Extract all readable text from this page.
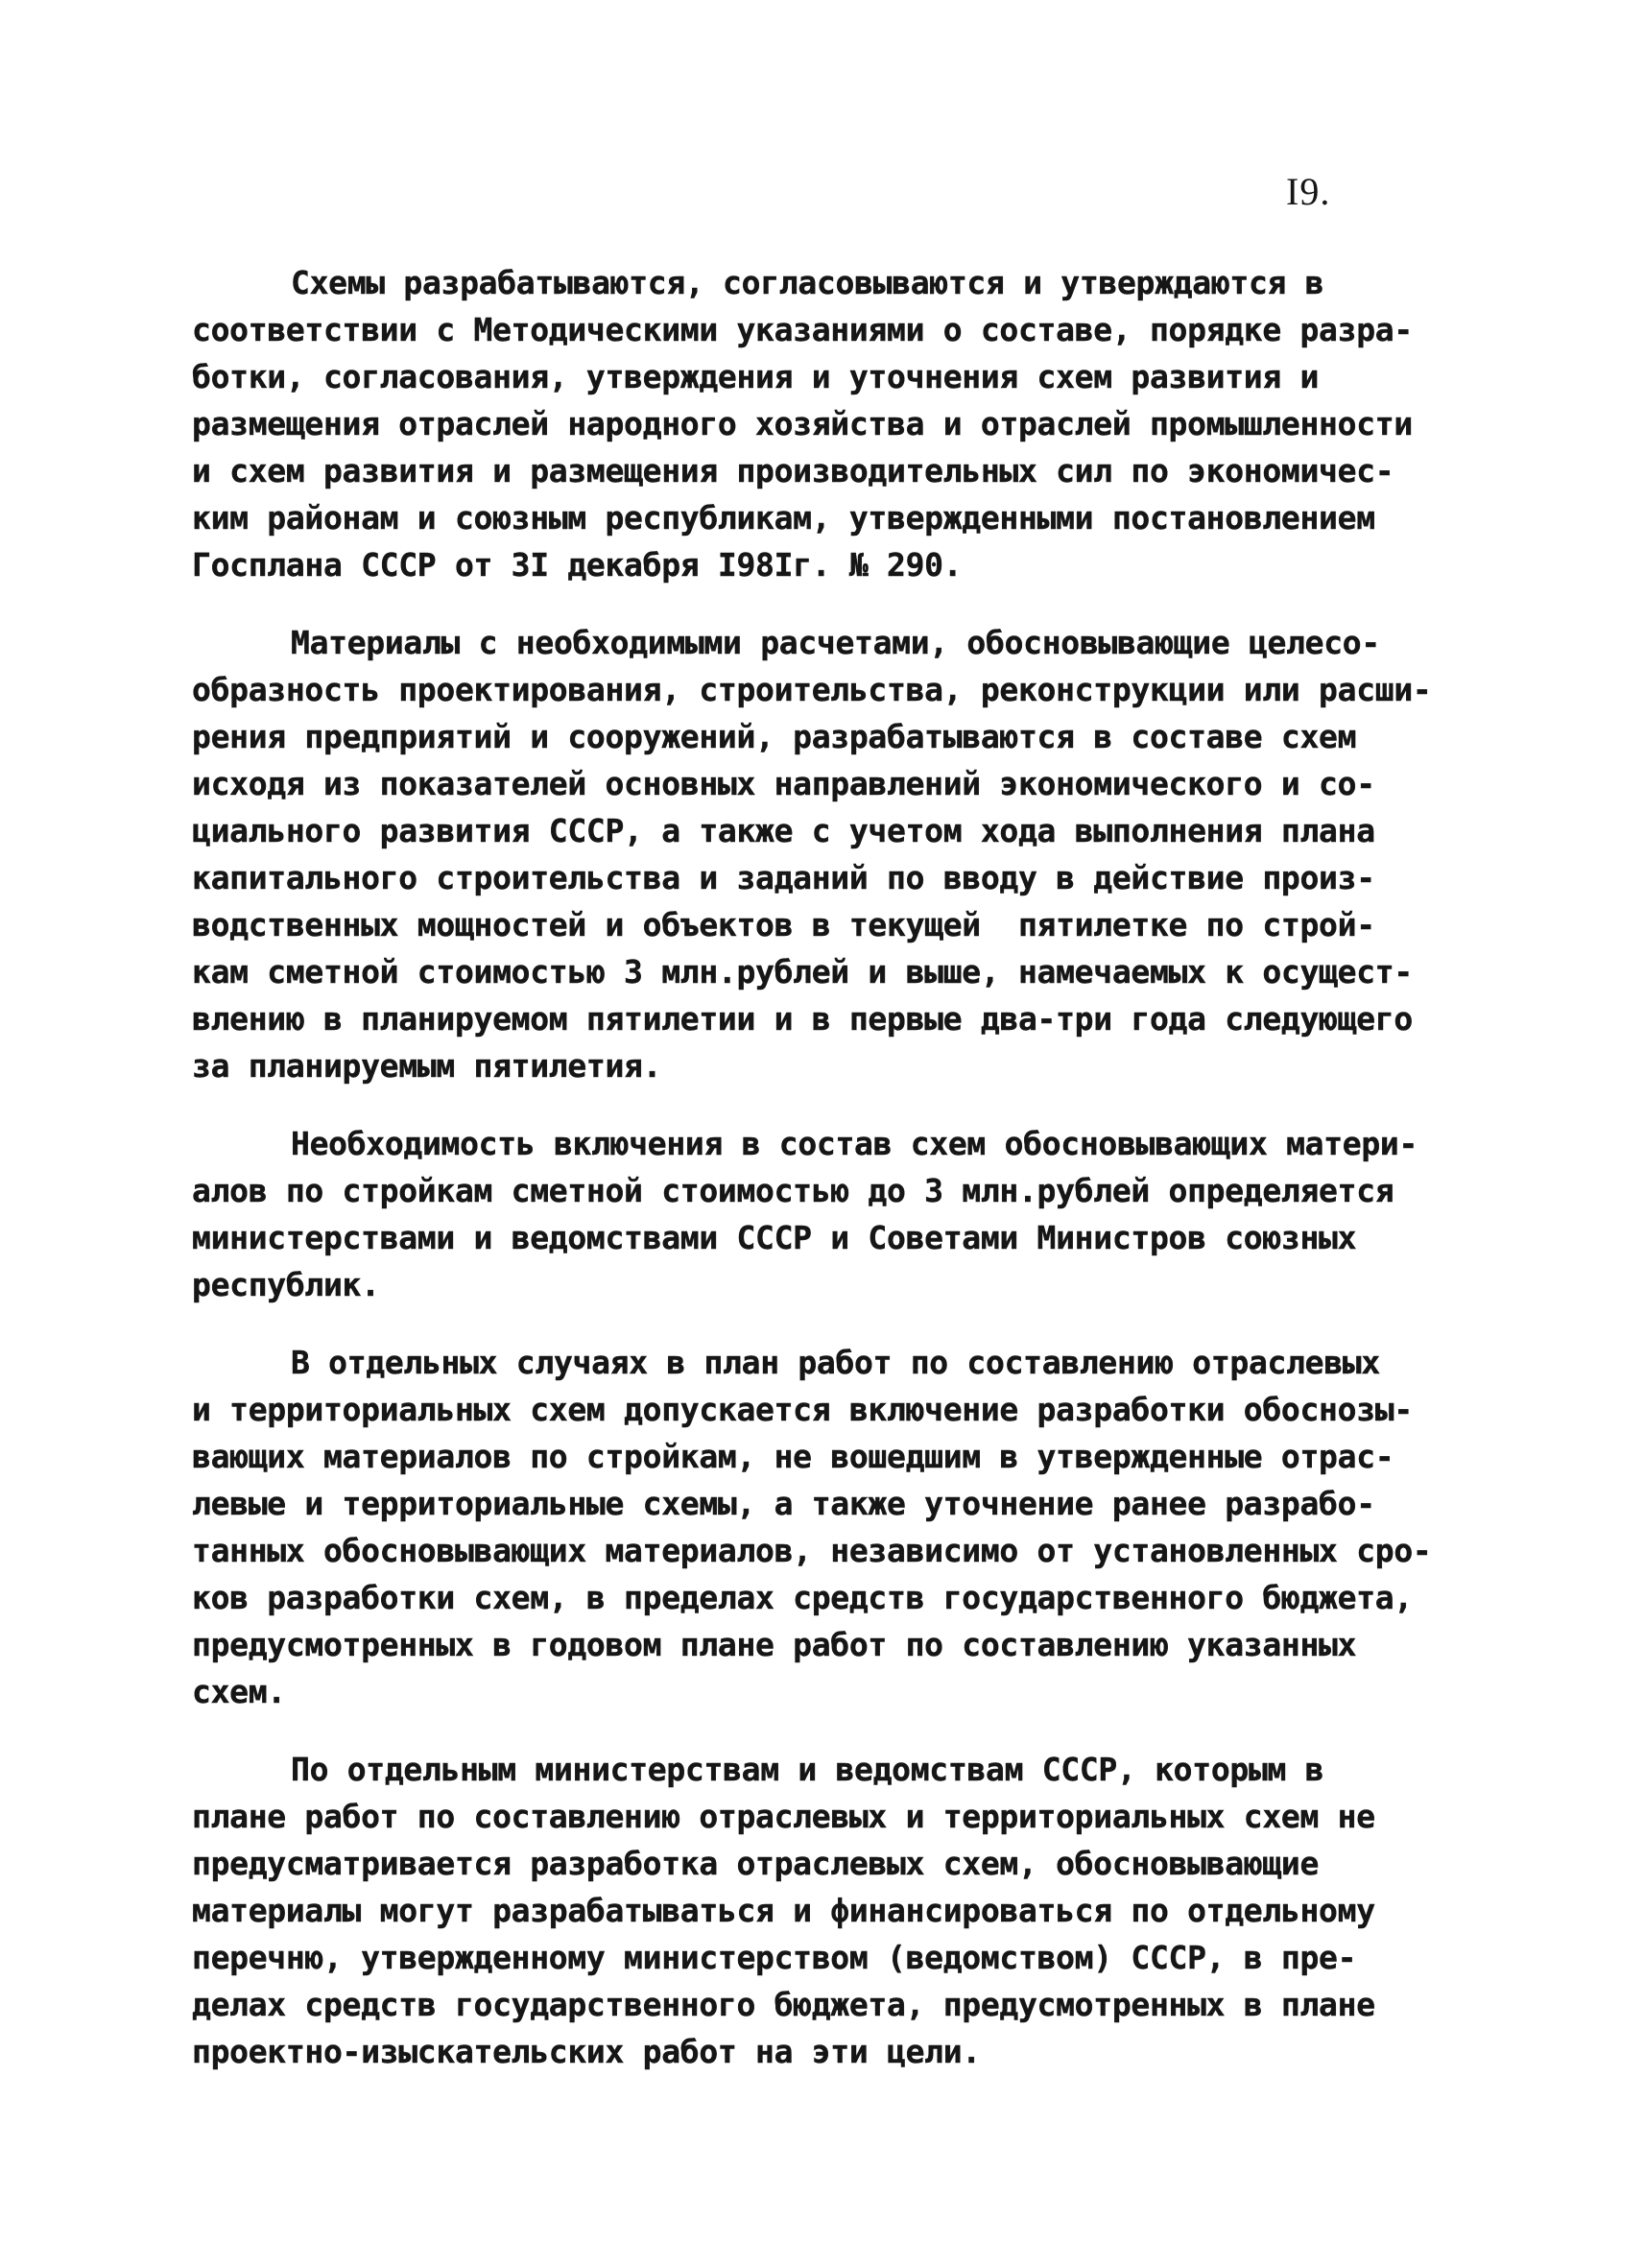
I9.
Схемы разрабатываются, согласовываются и утверждаются в
соответствии с Методическими указаниями о составе, порядке разра-
ботки, согласования, утверждения и уточнения схем развития и
размещения отраслей народного хозяйства и отраслей промышленности
и схем развития и размещения производительных сил по экономичес-
ким районам и союзным республикам, утвержденными постановлением
Госплана СССР от 3I декабря I98Iг. № 290.
Материалы с необходимыми расчетами, обосновывающие целесо-
образность проектирования, строительства, реконструкции или расши-
рения предприятий и сооружений, разрабатываются в составе схем
исходя из показателей основных направлений экономического и со-
циального развития СССР, а также с учетом хода выполнения плана
капитального строительства и заданий по вводу в действие произ-
водственных мощностей и объектов в текущей  пятилетке по строй-
кам сметной стоимостью 3 млн.рублей и выше, намечаемых к осущест-
влению в планируемом пятилетии и в первые два-три года следующего
за планируемым пятилетия.
Необходимость включения в состав схем обосновывающих матери-
алов по стройкам сметной стоимостью до 3 млн.рублей определяется
министерствами и ведомствами СССР и Советами Министров союзных
республик.
В отдельных случаях в план работ по составлению отраслевых
и территориальных схем допускается включение разработки обоснозы-
вающих материалов по стройкам, не вошедшим в утвержденные отрас-
левые и территориальные схемы, а также уточнение ранее разрабо-
танных обосновывающих материалов, независимо от установленных сро-
ков разработки схем, в пределах средств государственного бюджета,
предусмотренных в годовом плане работ по составлению указанных
схем.
По отдельным министерствам и ведомствам СССР, которым в
плане работ по составлению отраслевых и территориальных схем не
предусматривается разработка отраслевых схем, обосновывающие
материалы могут разрабатываться и финансироваться по отдельному
перечню, утвержденному министерством (ведомством) СССР, в пре-
делах средств государственного бюджета, предусмотренных в плане
проектно-изыскательских работ на эти цели.
